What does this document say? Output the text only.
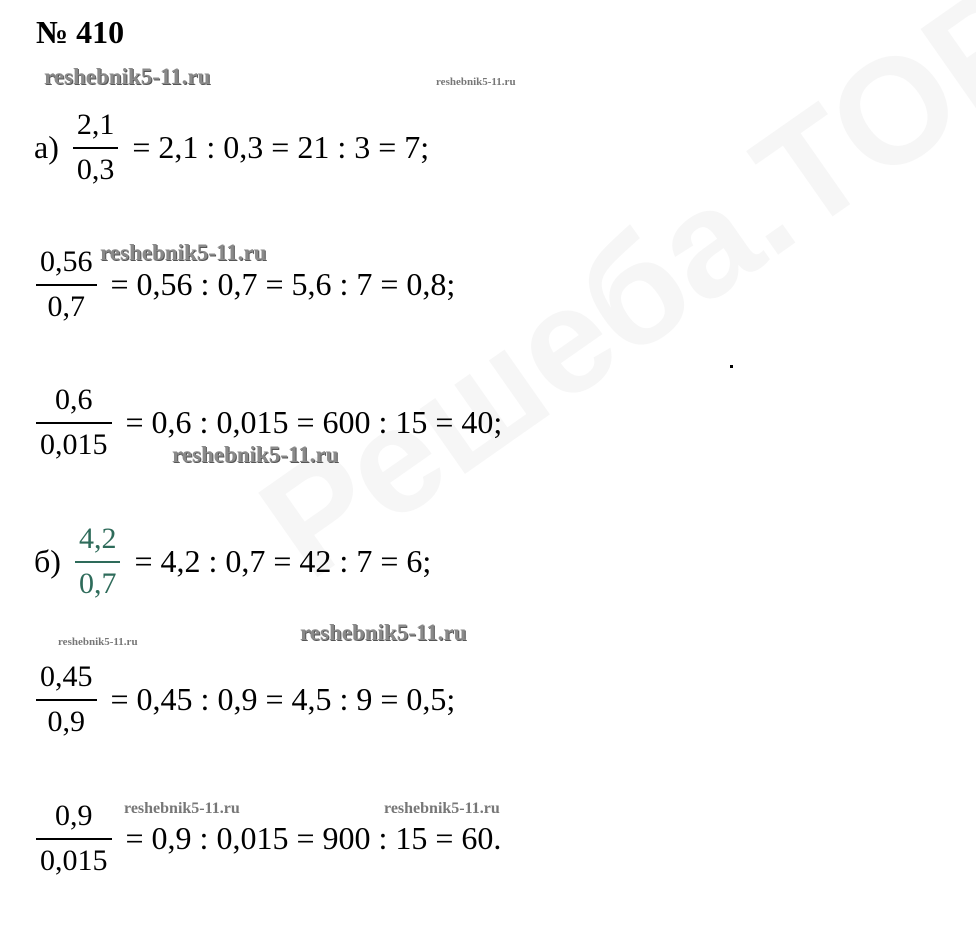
№ 410
reshebnik5-11.ru	reshebnik5-11.ru
reshebnik5-11.ru
reshebnik5-11.ru
reshebnik5-11.ru	reshebnik5-11.ru
reshebnik5-11.ru	reshebnik5-11.ru
$а) \frac{2,1}{0,3} = 2,1$ : 0,3 = 21 : 3 = 7;
$\frac{0,56}{0,7} = 0,56$ : 0,7 = 5,6 : 7 = 0,8;
$\frac{0,6}{0,015} = 0,6$ : 0,015 = 600 : 15 = 40;
$б) \frac{4,2}{0,7} = 4,2$ : 0,7 = 42 : 7 = 6;
$\frac{0,45}{0,9} = 0,45$ : 0,9 = 4,5 : 9 = 0,5;
$\frac{0,9}{0,015} = 0,9$ : 0,015 = 900 : 15 = 60.
